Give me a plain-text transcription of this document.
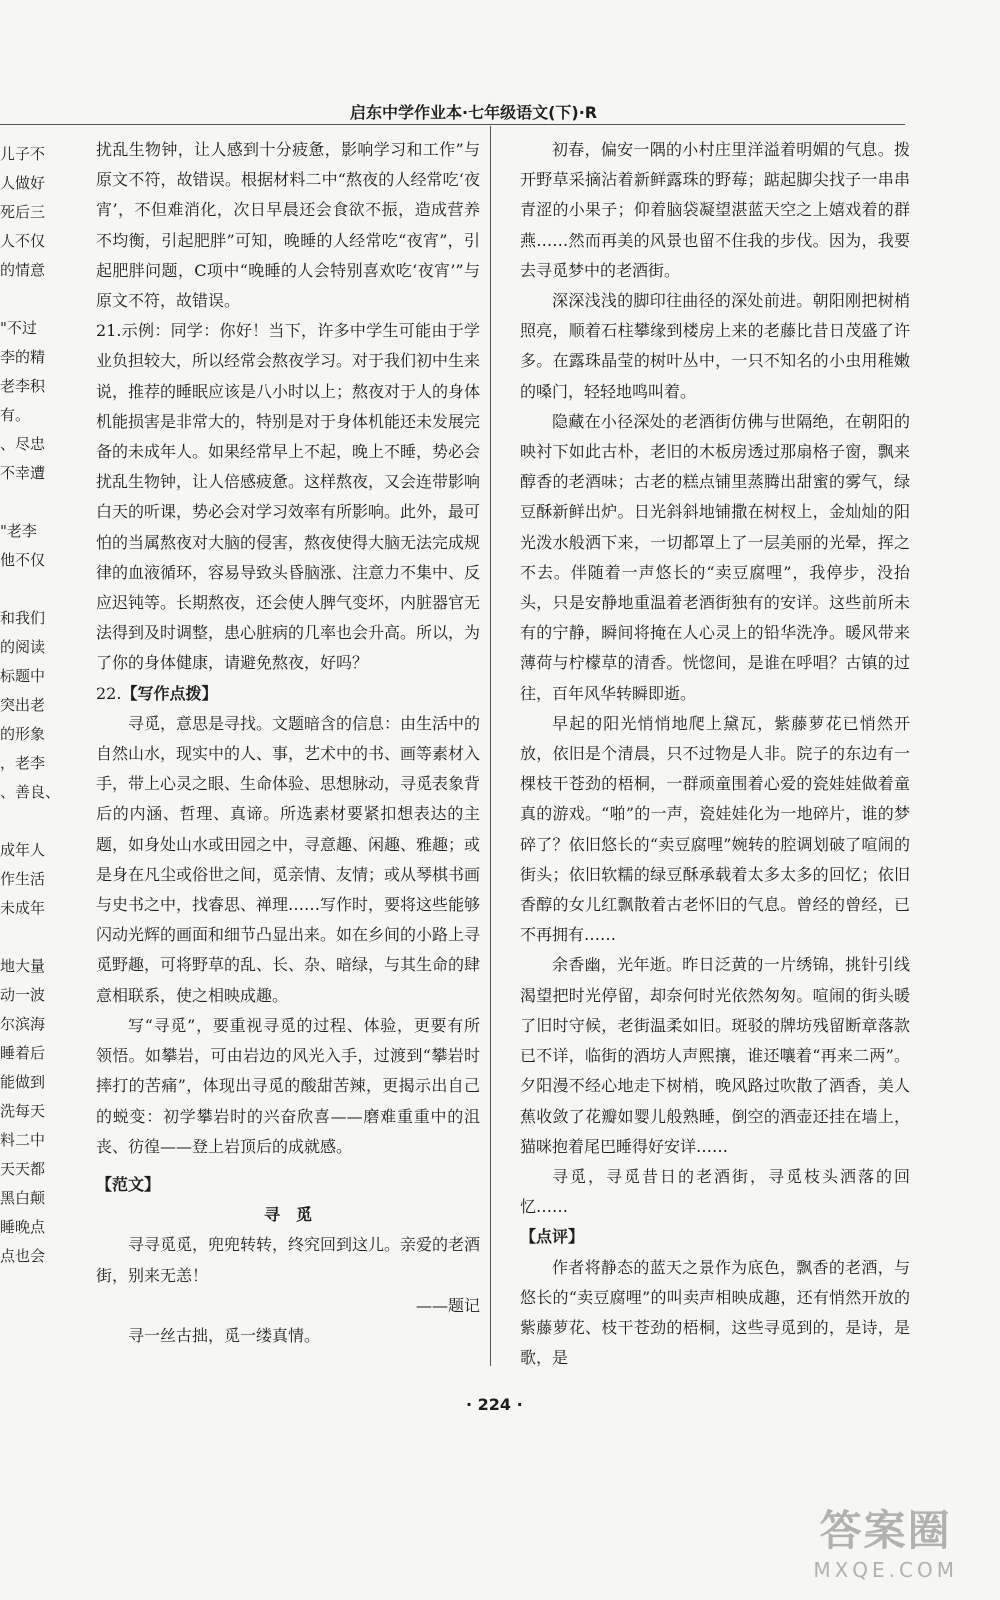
启东中学作业本·七年级语文(下)·R
儿子不
人做好
死后三
人不仅
的情意
"不过
李的精
老李积
有。
、尽忠
不幸遭
"老李
他不仅
和我们
的阅读
标题中
突出老
的形象
，老李
、善良、
成年人
作生活
未成年
地大量
动一波
尔滨海
睡着后
能做到
洗每天
料二中
天天都
黑白颠
睡晚点
点也会

扰乱生物钟，让人感到十分疲惫，影响学习和工作”与原文不符，故错误。根据材料二中“熬夜的人经常吃‘夜宵’，不但难消化，次日早晨还会食欲不振，造成营养不均衡，引起肥胖”可知，晚睡的人经常吃“夜宵”，引起肥胖问题，C项中“晚睡的人会特别喜欢吃‘夜宵’”与原文不符，故错误。

21.示例：同学：你好！当下，许多中学生可能由于学业负担较大，所以经常会熬夜学习。对于我们初中生来说，推荐的睡眠应该是八小时以上；熬夜对于人的身体机能损害是非常大的，特别是对于身体机能还未发展完备的未成年人。如果经常早上不起，晚上不睡，势必会扰乱生物钟，让人倍感疲惫。这样熬夜，又会连带影响白天的听课，势必会对学习效率有所影响。此外，最可怕的当属熬夜对大脑的侵害，熬夜使得大脑无法完成规律的血液循环，容易导致头昏脑涨、注意力不集中、反应迟钝等。长期熬夜，还会使人脾气变坏，内脏器官无法得到及时调整，患心脏病的几率也会升高。所以，为了你的身体健康，请避免熬夜，好吗？

22.【写作点拨】

寻觅，意思是寻找。文题暗含的信息：由生活中的自然山水，现实中的人、事，艺术中的书、画等素材入手，带上心灵之眼、生命体验、思想脉动，寻觅表象背后的内涵、哲理、真谛。所选素材要紧扣想表达的主题，如身处山水或田园之中，寻意趣、闲趣、雅趣；或是身在凡尘或俗世之间，觅亲情、友情；或从琴棋书画与史书之中，找睿思、禅理……写作时，要将这些能够闪动光辉的画面和细节凸显出来。如在乡间的小路上寻觅野趣，可将野草的乱、长、杂、暗绿，与其生命的肆意相联系，使之相映成趣。

写“寻觅”，要重视寻觅的过程、体验，更要有所领悟。如攀岩，可由岩边的风光入手，过渡到“攀岩时摔打的苦痛”，体现出寻觅的酸甜苦辣，更揭示出自己的蜕变：初学攀岩时的兴奋欣喜——磨难重重中的沮丧、彷徨——登上岩顶后的成就感。

【范文】

寻　觅

寻寻觅觅，兜兜转转，终究回到这儿。亲爱的老酒街，别来无恙！

——题记

寻一丝古拙，觅一缕真情。

初春，偏安一隅的小村庄里洋溢着明媚的气息。拨开野草采摘沾着新鲜露珠的野莓；踮起脚尖找子一串串青涩的小果子；仰着脑袋凝望湛蓝天空之上嬉戏着的群燕……然而再美的风景也留不住我的步伐。因为，我要去寻觅梦中的老酒街。

深深浅浅的脚印往曲径的深处前进。朝阳刚把树梢照亮，顺着石柱攀缘到楼房上来的老藤比昔日茂盛了许多。在露珠晶莹的树叶丛中，一只不知名的小虫用稚嫩的嗓门，轻轻地鸣叫着。

隐藏在小径深处的老酒街仿佛与世隔绝，在朝阳的映衬下如此古朴，老旧的木板房透过那扇格子窗，飘来醇香的老酒味；古老的糕点铺里蒸腾出甜蜜的雾气，绿豆酥新鲜出炉。日光斜斜地铺撒在树杈上，金灿灿的阳光泼水般洒下来，一切都罩上了一层美丽的光晕，挥之不去。伴随着一声悠长的“卖豆腐哩”，我停步，没抬头，只是安静地重温着老酒街独有的安详。这些前所未有的宁静，瞬间将掩在人心灵上的铅华洗净。暖风带来薄荷与柠檬草的清香。恍惚间，是谁在呼唱？古镇的过往，百年风华转瞬即逝。

早起的阳光悄悄地爬上黛瓦，紫藤萝花已悄然开放，依旧是个清晨，只不过物是人非。院子的东边有一棵枝干苍劲的梧桐，一群顽童围着心爱的瓷娃娃做着童真的游戏。“啪”的一声，瓷娃娃化为一地碎片，谁的梦碎了？依旧悠长的“卖豆腐哩”婉转的腔调划破了喧闹的街头；依旧软糯的绿豆酥承载着太多太多的回忆；依旧香醇的女儿红飘散着古老怀旧的气息。曾经的曾经，已不再拥有……

余香幽，光年逝。昨日泛黄的一片绣锦，挑针引线渴望把时光停留，却奈何时光依然匆匆。喧闹的街头暖了旧时守候，老街温柔如旧。斑驳的牌坊残留断章落款已不详，临街的酒坊人声熙攘，谁还嚷着“再来二两”。夕阳漫不经心地走下树梢，晚风路过吹散了酒香，美人蕉收敛了花瓣如婴儿般熟睡，倒空的酒壶还挂在墙上，猫咪抱着尾巴睡得好安详……

寻觅，寻觅昔日的老酒街，寻觅枝头洒落的回忆……

【点评】

作者将静态的蓝天之景作为底色，飘香的老酒，与悠长的“卖豆腐哩”的叫卖声相映成趣，还有悄然开放的紫藤萝花、枝干苍劲的梧桐，这些寻觅到的，是诗，是歌，是

· 224 ·
答案圈
MXQE.COM
